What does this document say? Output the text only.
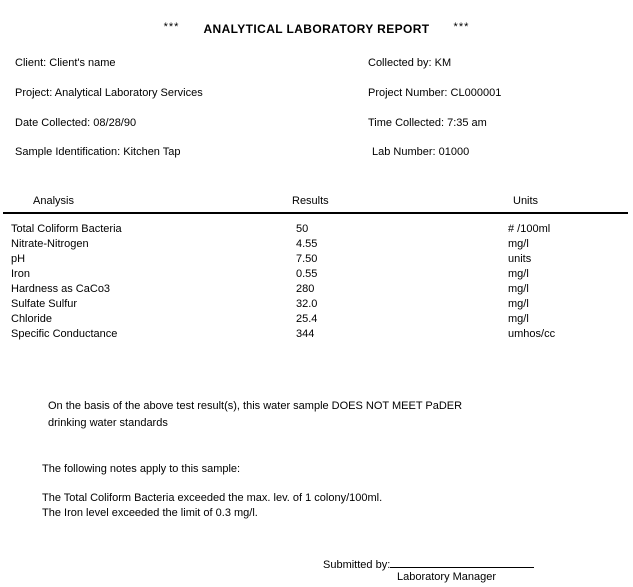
*** ANALYTICAL LABORATORY REPORT ***
Client: Client's name
Project: Analytical Laboratory Services
Date Collected: 08/28/90
Sample Identification: Kitchen Tap
Collected by: KM
Project Number: CL000001
Time Collected: 7:35 am
Lab Number: 01000
Analysis	Results	Units
Total Coliform Bacteria	50	# /100ml
Nitrate-Nitrogen	4.55	mg/l
pH	7.50	units
Iron	0.55	mg/l
Hardness as CaCo3	280	mg/l
Sulfate Sulfur	32.0	mg/l
Chloride	25.4	mg/l
Specific Conductance	344	umhos/cc
On the basis of the above test result(s), this water sample DOES NOT MEET PaDER
drinking water standards
The following notes apply to this sample:
The Total Coliform Bacteria exceeded the max. lev. of 1 colony/100ml.
The Iron level exceeded the limit of 0.3 mg/l.
Submitted by:
Laboratory Manager
